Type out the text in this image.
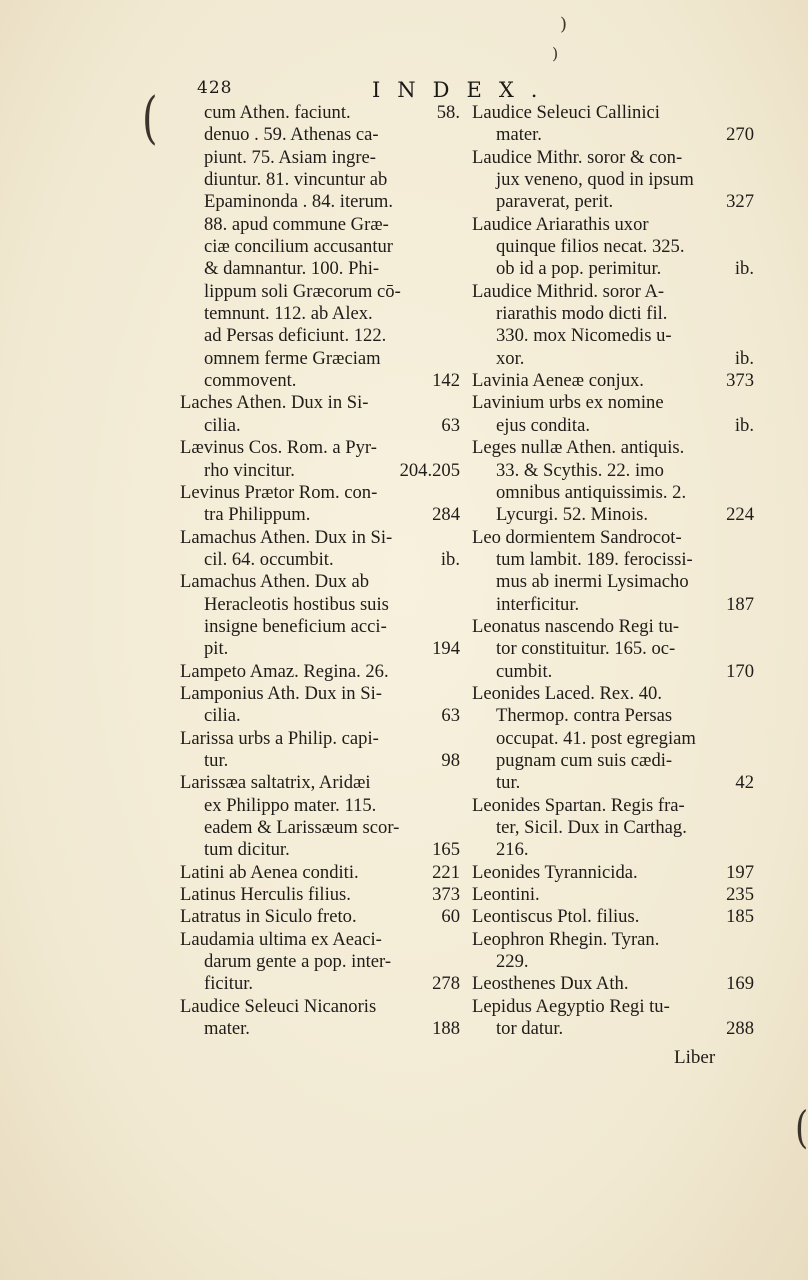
428	INDEX.
cum Athen. faciunt.	58.
denuo . 59. Athenas ca-
piunt. 75. Asiam ingre-
diuntur. 81. vincuntur ab
Epaminonda . 84. iterum.
88. apud commune Græ-
ciæ concilium accusantur
& damnantur. 100. Phi-
lippum soli Græcorum cō-
temnunt. 112. ab Alex.
ad Persas deficiunt. 122.
omnem ferme Græciam
commovent.	142
Laches Athen. Dux in Si-
cilia.	63
Lævinus Cos. Rom. a Pyr-
rho vincitur.	204.205
Levinus Prætor Rom. con-
tra Philippum.	284
Lamachus Athen. Dux in Si-
cil. 64. occumbit.	ib.
Lamachus Athen. Dux ab
Heracleotis hostibus suis
insigne beneficium acci-
pit.	194
Lampeto Amaz. Regina. 26.
Lamponius Ath. Dux in Si-
cilia.	63
Larissa urbs a Philip. capi-
tur.	98
Larissæa saltatrix, Aridæi
ex Philippo mater. 115.
eadem & Larissæum scor-
tum dicitur.	165
Latini ab Aenea conditi.	221
Latinus Herculis filius.	373
Latratus in Siculo freto.	60
Laudamia ultima ex Aeaci-
darum gente a pop. inter-
ficitur.	278
Laudice Seleuci Nicanoris
mater.	188
Laudice Seleuci Callinici
mater.	270
Laudice Mithr. soror & con-
jux veneno, quod in ipsum
paraverat, perit.	327
Laudice Ariarathis uxor
quinque filios necat. 325.
ob id a pop. perimitur.	ib.
Laudice Mithrid. soror A-
riarathis modo dicti fil.
330. mox Nicomedis u-
xor.	ib.
Lavinia Aeneæ conjux.	373
Lavinium urbs ex nomine
ejus condita.	ib.
Leges nullæ Athen. antiquis.
33. & Scythis. 22. imo
omnibus antiquissimis. 2.
Lycurgi. 52. Minois.	224
Leo dormientem Sandrocot-
tum lambit. 189. ferocissi-
mus ab inermi Lysimacho
interficitur.	187
Leonatus nascendo Regi tu-
tor constituitur. 165. oc-
cumbit.	170
Leonides Laced. Rex. 40.
Thermop. contra Persas
occupat. 41. post egregiam
pugnam cum suis cædi-
tur.	42
Leonides Spartan. Regis fra-
ter, Sicil. Dux in Carthag.
216.
Leonides Tyrannicida.	197
Leontini.	235
Leontiscus Ptol. filius.	185
Leophron Rhegin. Tyran.
229.
Leosthenes Dux Ath.	169
Lepidus Aegyptio Regi tu-
tor datur.	288
Liber
(
(
)
)
